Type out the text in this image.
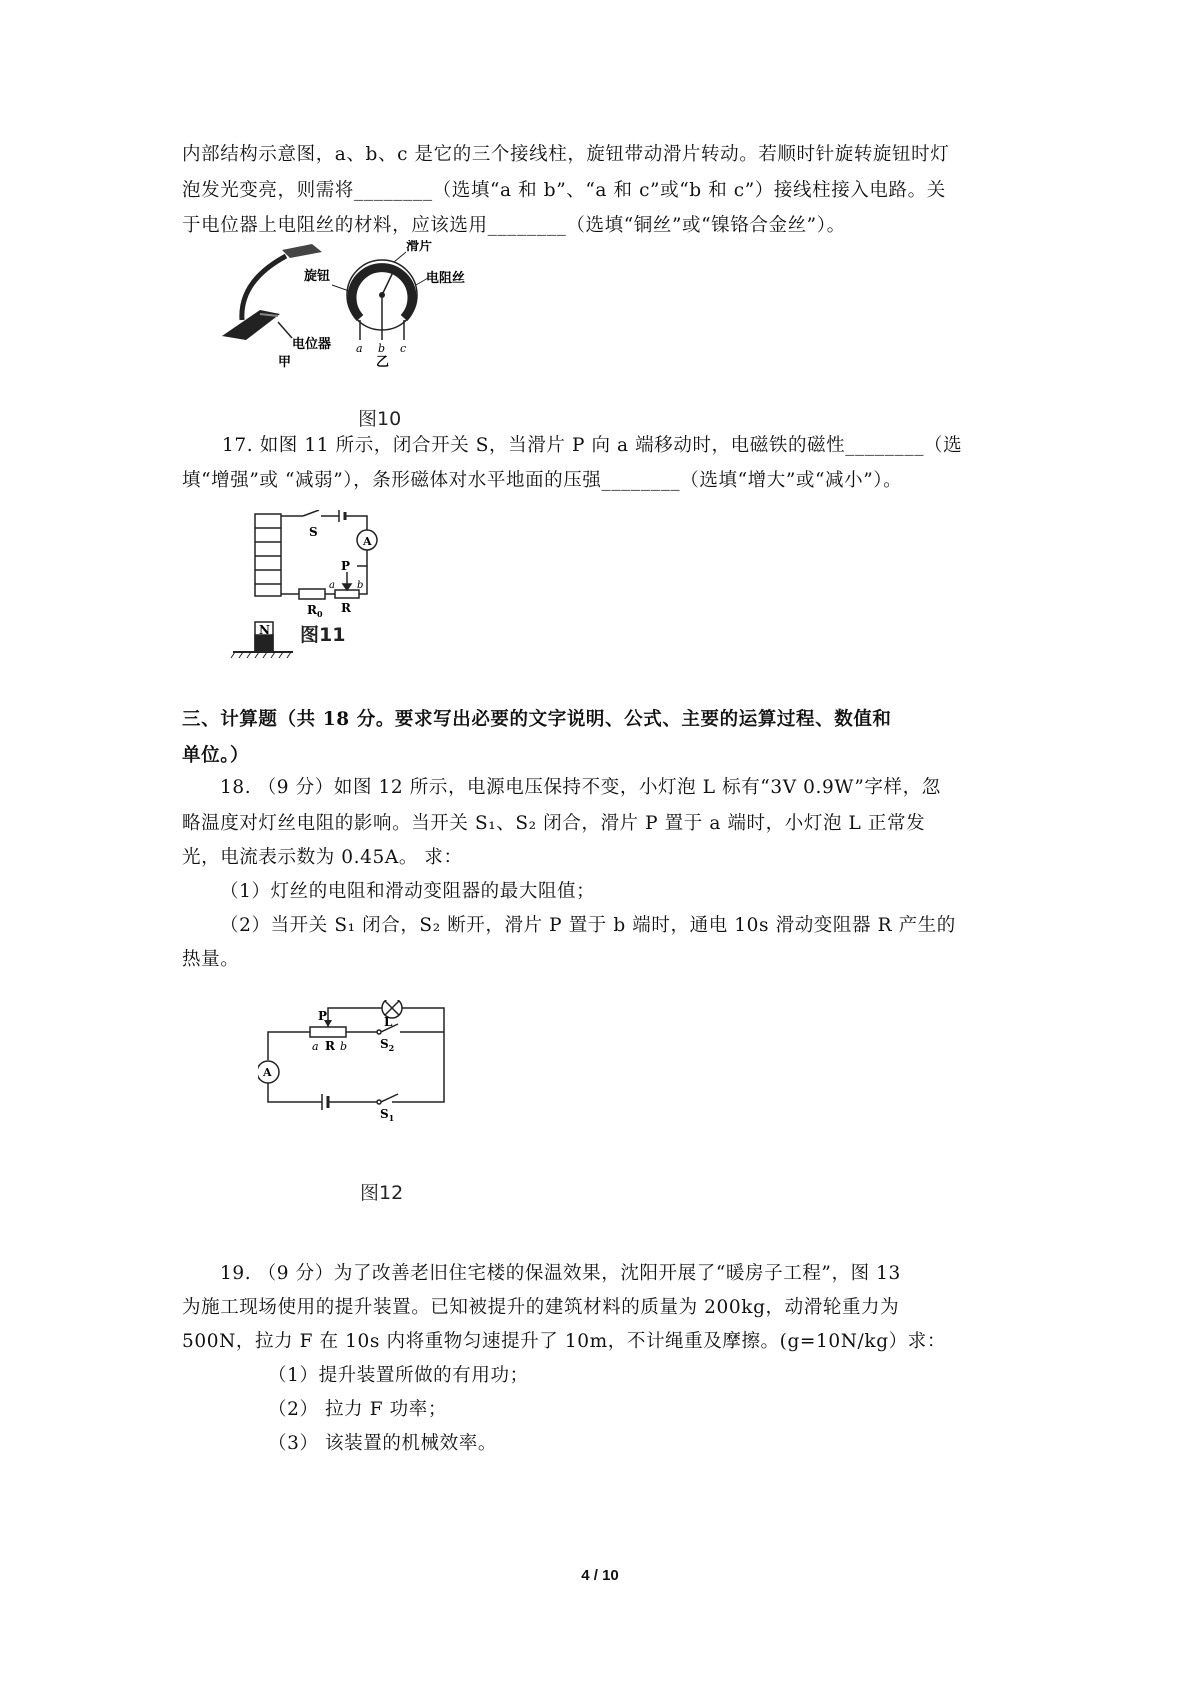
内部结构示意图，a、b、c 是它的三个接线柱，旋钮带动滑片转动。若顺时针旋转旋钮时灯
泡发光变亮，则需将________（选填“a 和 b”、“a 和 c”或“b 和 c”）接线柱接入电路。关
于电位器上电阻丝的材料，应该选用________（选填“铜丝”或“镍铬合金丝”）。
电位器
甲
滑片
旋钮	电阻丝
a b c
乙
图10
17. 如图 11 所示，闭合开关 S，当滑片 P 向 a 端移动时，电磁铁的磁性________（选
填“增强”或 “减弱”），条形磁体对水平地面的压强________（选填“增大”或“减小”）。
S
A
P
a b
R
$R_0$
N 图11
三、计算题（共 18 分。要求写出必要的文字说明、公式、主要的运算过程、数值和
单位。）
18. （9 分）如图 12 所示，电源电压保持不变，小灯泡 L 标有“3V 0.9W”字样，忽
略温度对灯丝电阻的影响。当开关 S₁、S₂ 闭合，滑片 P 置于 a 端时，小灯泡 L 正常发
光，电流表示数为 0.45A。 求：
（1）灯丝的电阻和滑动变阻器的最大阻值；
（2）当开关 S₁ 闭合，S₂ 断开，滑片 P 置于 b 端时，通电 10s 滑动变阻器 R 产生的
热量。
P	L
a R b	$S_2$
$S_1$
A
图12
19. （9 分）为了改善老旧住宅楼的保温效果，沈阳开展了“暖房子工程”，图 13
为施工现场使用的提升装置。已知被提升的建筑材料的质量为 200kg，动滑轮重力为
500N，拉力 F 在 10s 内将重物匀速提升了 10m，不计绳重及摩擦。(g=10N/kg）求：
（1）提升装置所做的有用功；
（2） 拉力 F 功率；
（3） 该装置的机械效率。
4 / 10
